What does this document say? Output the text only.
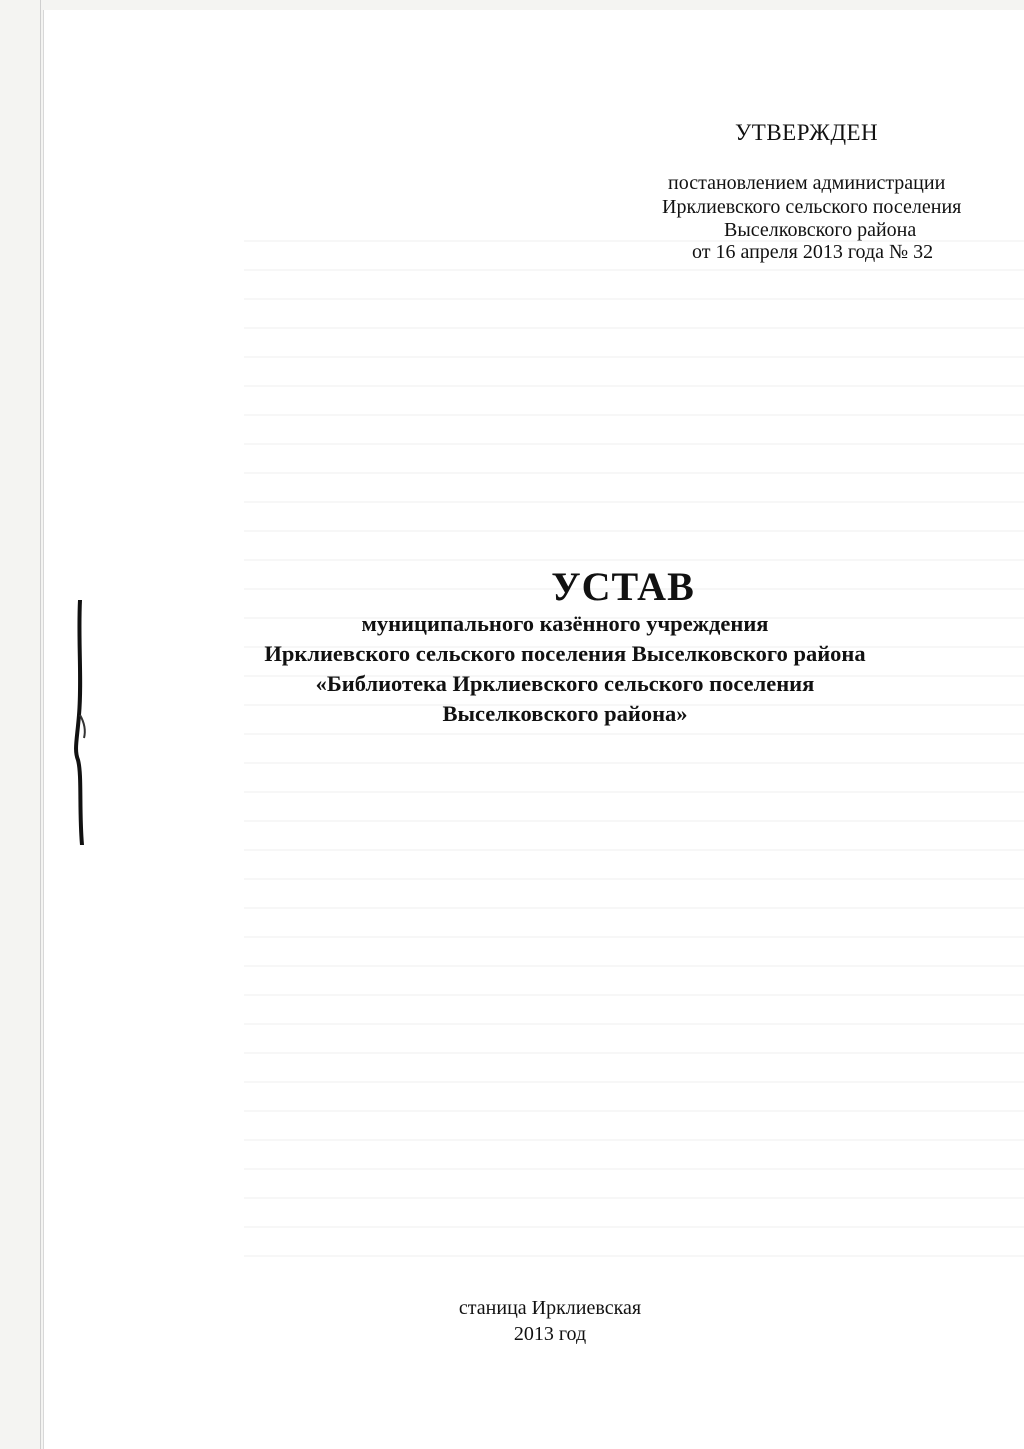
УТВЕРЖДЕН
постановлением администрации
Ирклиевского сельского поселения
Выселковского района
от 16 апреля 2013 года № 32
УСТАВ
муниципального казённого учреждения
Ирклиевского сельского поселения Выселковского района
«Библиотека Ирклиевского сельского поселения
Выселковского района»
станица Ирклиевская
2013 год
